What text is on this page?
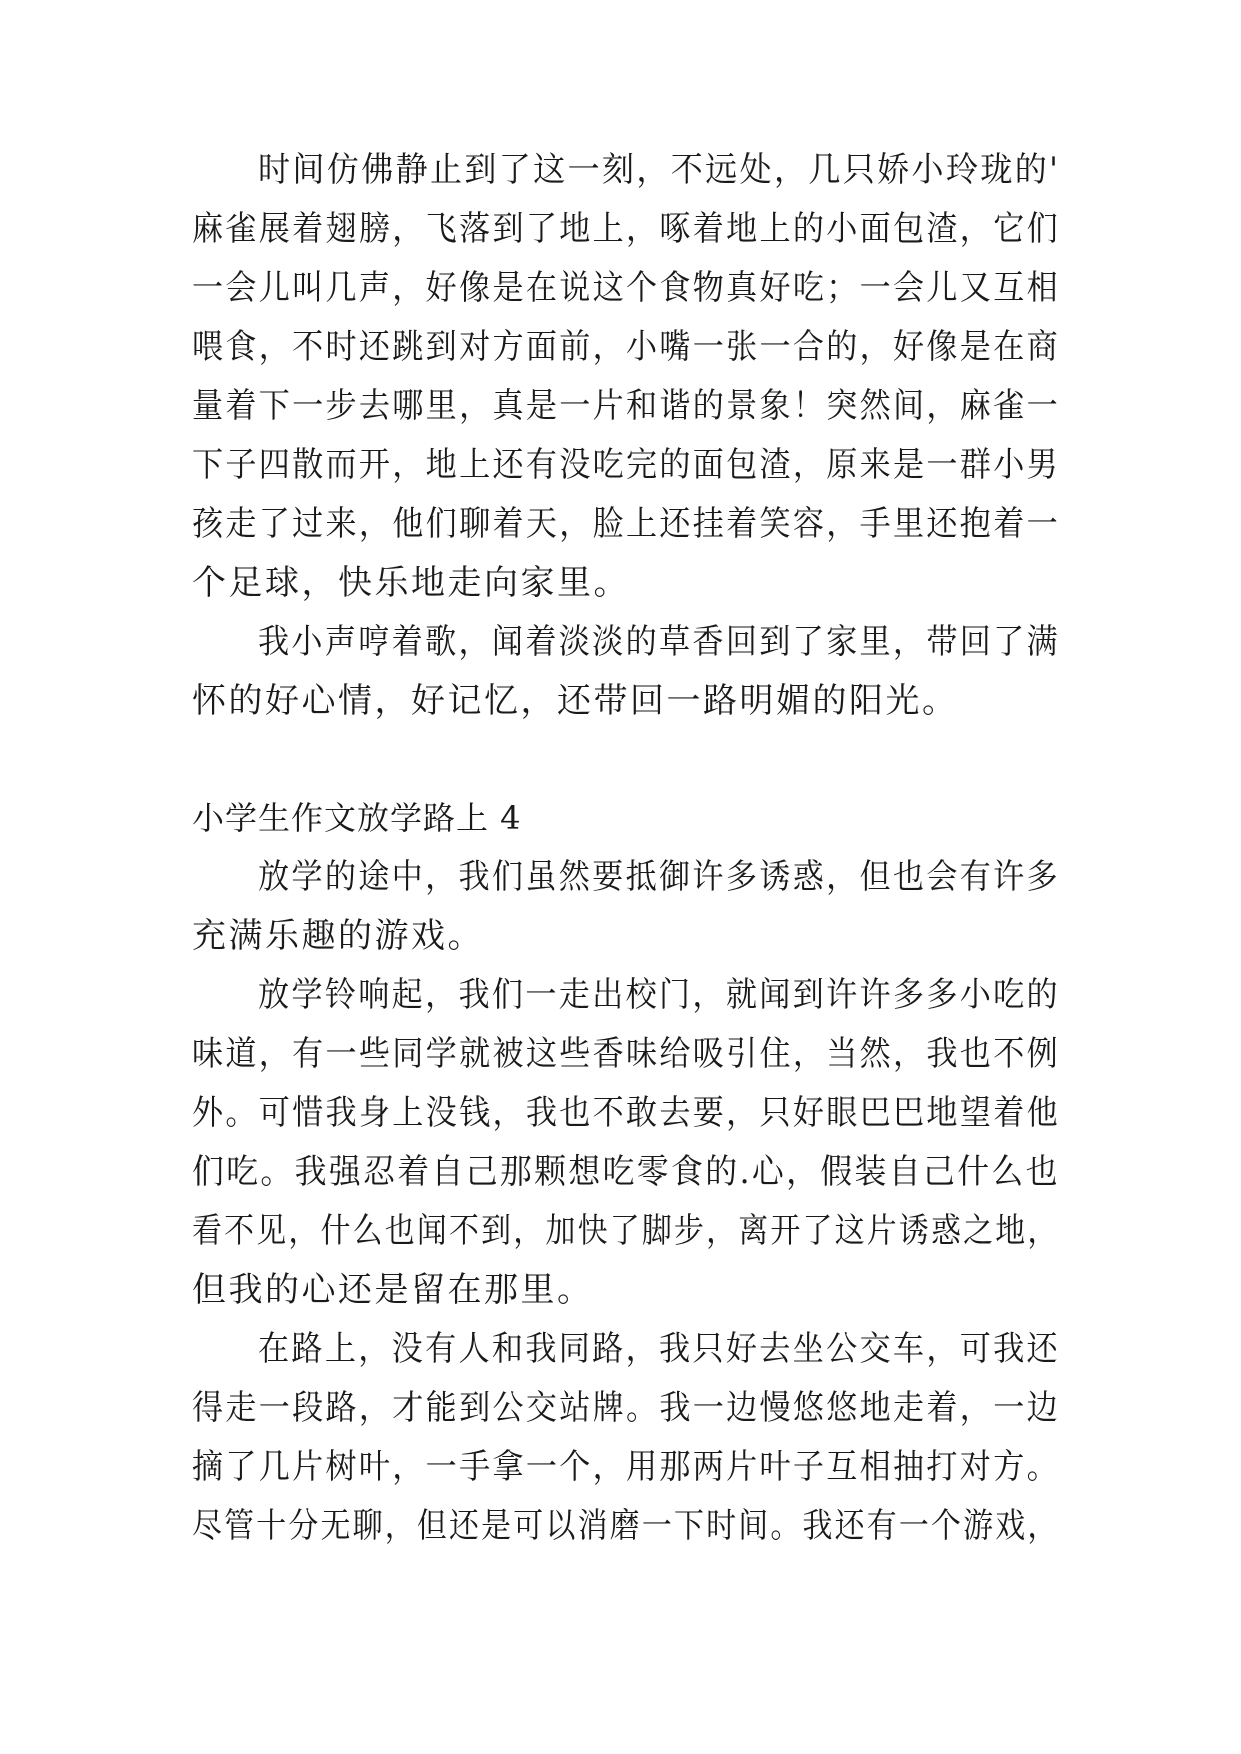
时间仿佛静止到了这一刻，不远处，几只娇小玲珑的'
麻雀展着翅膀，飞落到了地上，啄着地上的小面包渣，它们
一会儿叫几声，好像是在说这个食物真好吃；一会儿又互相
喂食，不时还跳到对方面前，小嘴一张一合的，好像是在商
量着下一步去哪里，真是一片和谐的景象！突然间，麻雀一
下子四散而开，地上还有没吃完的面包渣，原来是一群小男
孩走了过来，他们聊着天，脸上还挂着笑容，手里还抱着一
个足球，快乐地走向家里。
我小声哼着歌，闻着淡淡的草香回到了家里，带回了满
怀的好心情，好记忆，还带回一路明媚的阳光。
小学生作文放学路上 4
放学的途中，我们虽然要抵御许多诱惑，但也会有许多
充满乐趣的游戏。
放学铃响起，我们一走出校门，就闻到许许多多小吃的
味道，有一些同学就被这些香味给吸引住，当然，我也不例
外。可惜我身上没钱，我也不敢去要，只好眼巴巴地望着他
们吃。我强忍着自己那颗想吃零食的.心，假装自己什么也
看不见，什么也闻不到，加快了脚步，离开了这片诱惑之地，
但我的心还是留在那里。
在路上，没有人和我同路，我只好去坐公交车，可我还
得走一段路，才能到公交站牌。我一边慢悠悠地走着，一边
摘了几片树叶，一手拿一个，用那两片叶子互相抽打对方。
尽管十分无聊，但还是可以消磨一下时间。我还有一个游戏，
